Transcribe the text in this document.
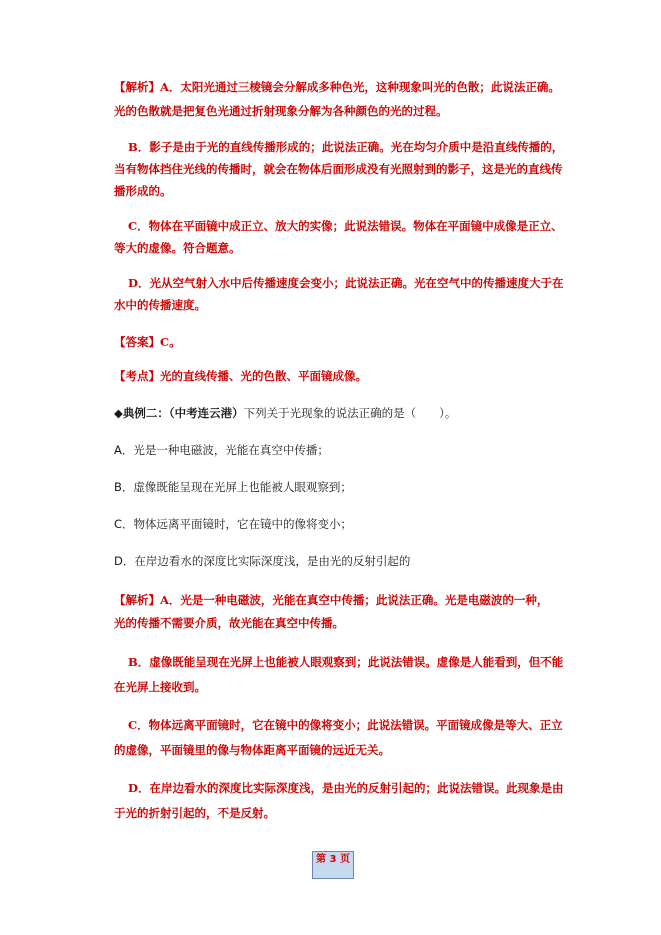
【解析】A．太阳光通过三棱镜会分解成多种色光，这种现象叫光的色散；此说法正确。
光的色散就是把复色光通过折射现象分解为各种颜色的光的过程。
B．影子是由于光的直线传播形成的；此说法正确。光在均匀介质中是沿直线传播的，
当有物体挡住光线的传播时，就会在物体后面形成没有光照射到的影子，这是光的直线传
播形成的。
C．物体在平面镜中成正立、放大的实像；此说法错误。物体在平面镜中成像是正立、
等大的虚像。符合题意。
D．光从空气射入水中后传播速度会变小；此说法正确。光在空气中的传播速度大于在
水中的传播速度。
【答案】C。
【考点】光的直线传播、光的色散、平面镜成像。
◆典例二：（中考连云港）下列关于光现象的说法正确的是（　　）。
A．光是一种电磁波，光能在真空中传播；
B．虚像既能呈现在光屏上也能被人眼观察到；
C．物体远离平面镜时，它在镜中的像将变小；
D．在岸边看水的深度比实际深度浅，是由光的反射引起的
【解析】A．光是一种电磁波，光能在真空中传播；此说法正确。光是电磁波的一种，
光的传播不需要介质，故光能在真空中传播。
B．虚像既能呈现在光屏上也能被人眼观察到；此说法错误。虚像是人能看到，但不能
在光屏上接收到。
C．物体远离平面镜时，它在镜中的像将变小；此说法错误。平面镜成像是等大、正立
的虚像，平面镜里的像与物体距离平面镜的远近无关。
D．在岸边看水的深度比实际深度浅，是由光的反射引起的；此说法错误。此现象是由
于光的折射引起的，不是反射。
第 3 页
